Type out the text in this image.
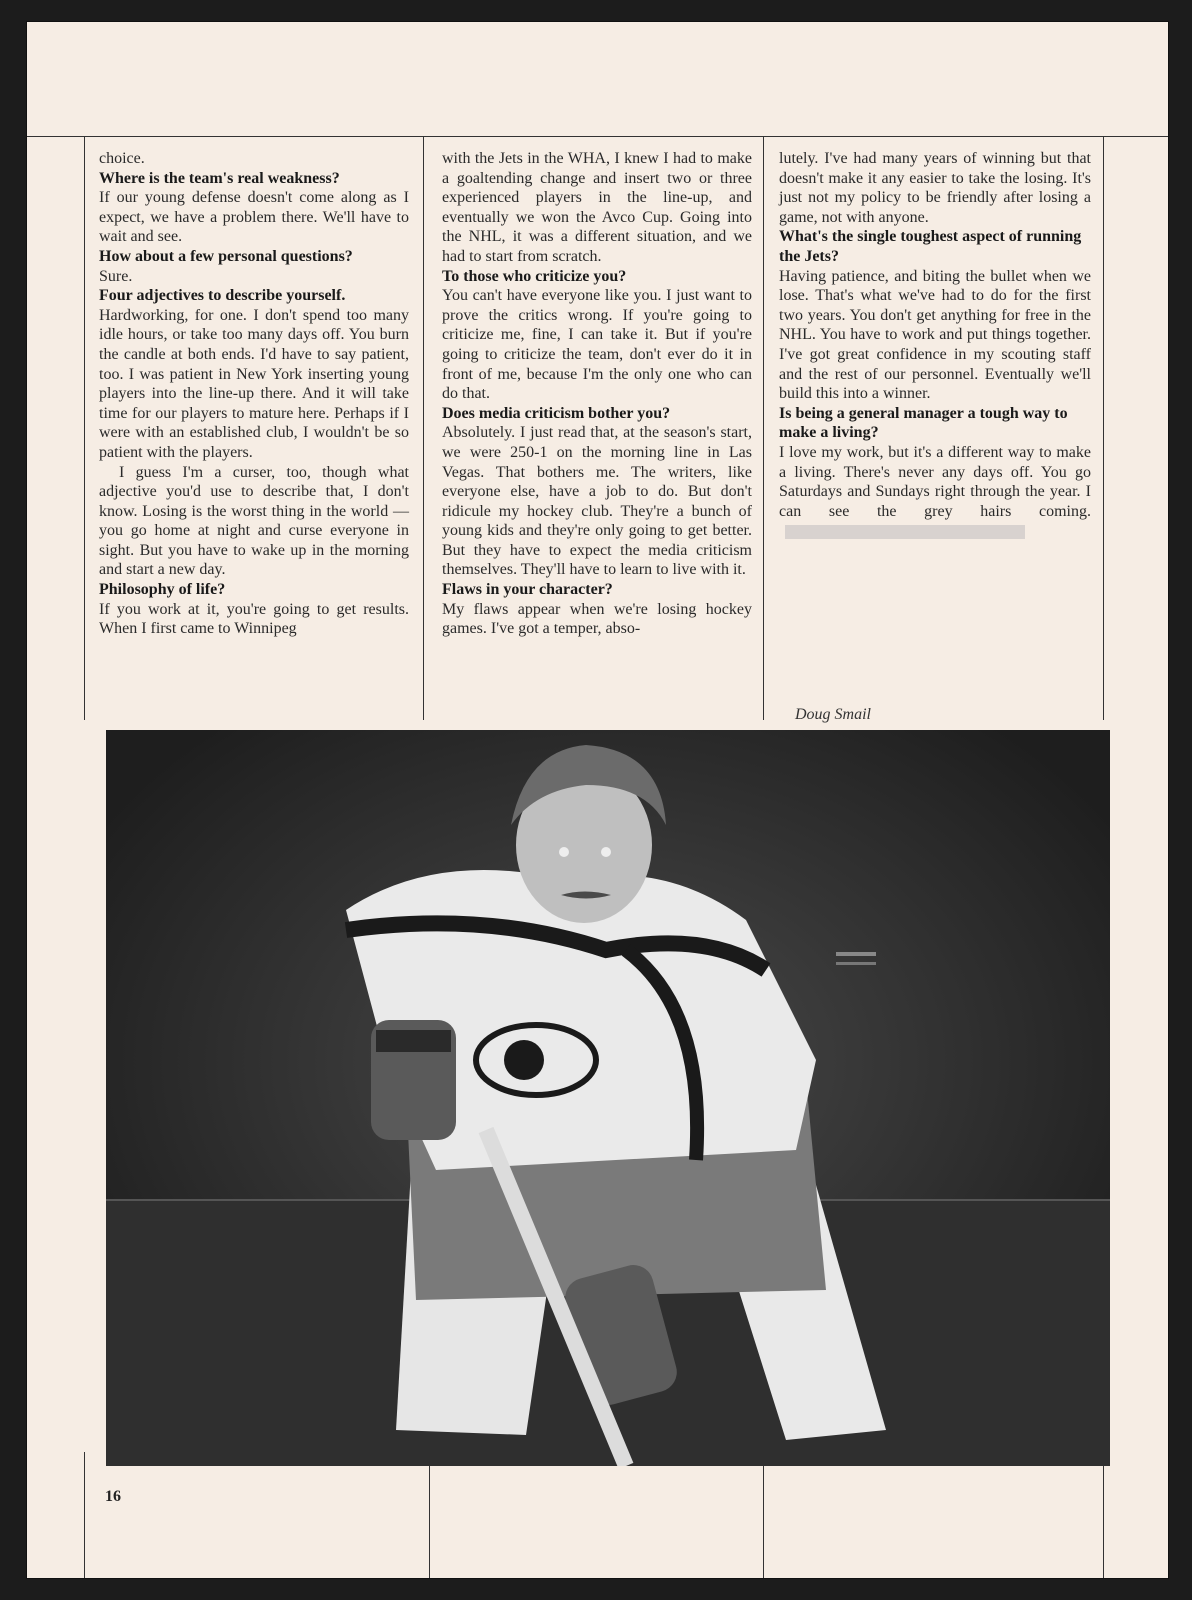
choice.

Where is the team's real weakness?

If our young defense doesn't come along as I expect, we have a problem there. We'll have to wait and see.

How about a few personal questions?

Sure.

Four adjectives to describe yourself.

Hardworking, for one. I don't spend too many idle hours, or take too many days off. You burn the candle at both ends. I'd have to say patient, too. I was patient in New York inserting young players into the line-up there. And it will take time for our players to mature here. Perhaps if I were with an established club, I wouldn't be so patient with the players.

I guess I'm a curser, too, though what adjective you'd use to describe that, I don't know. Losing is the worst thing in the world — you go home at night and curse everyone in sight. But you have to wake up in the morning and start a new day.

Philosophy of life?

If you work at it, you're going to get results. When I first came to Winnipeg

with the Jets in the WHA, I knew I had to make a goaltending change and insert two or three experienced players in the line-up, and eventually we won the Avco Cup. Going into the NHL, it was a different situation, and we had to start from scratch.

To those who criticize you?

You can't have everyone like you. I just want to prove the critics wrong. If you're going to criticize me, fine, I can take it. But if you're going to criticize the team, don't ever do it in front of me, because I'm the only one who can do that.

Does media criticism bother you?

Absolutely. I just read that, at the season's start, we were 250-1 on the morning line in Las Vegas. That bothers me. The writers, like everyone else, have a job to do. But don't ridicule my hockey club. They're a bunch of young kids and they're only going to get better. But they have to expect the media criticism themselves. They'll have to learn to live with it.

Flaws in your character?

My flaws appear when we're losing hockey games. I've got a temper, abso-

lutely. I've had many years of winning but that doesn't make it any easier to take the losing. It's just not my policy to be friendly after losing a game, not with anyone.

What's the single toughest aspect of running the Jets?

Having patience, and biting the bullet when we lose. That's what we've had to do for the first two years. You don't get anything for free in the NHL. You have to work and put things together. I've got great confidence in my scouting staff and the rest of our personnel. Eventually we'll build this into a winner.

Is being a general manager a tough way to make a living?

I love my work, but it's a different way to make a living. There's never any days off. You go Saturdays and Sundays right through the year. I can see the grey hairs coming.

Doug Smail
16
